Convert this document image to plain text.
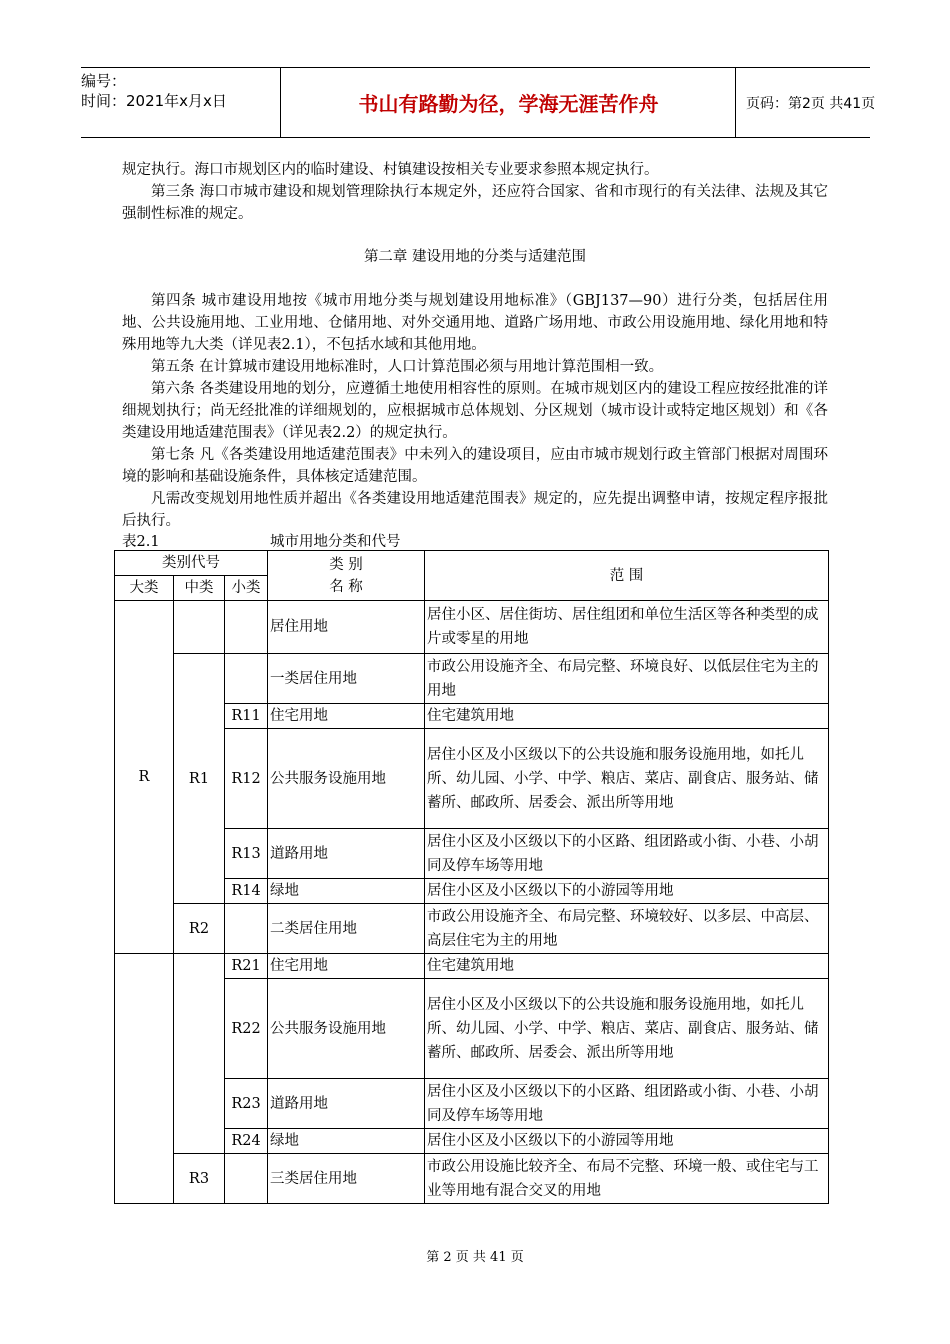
编号：
时间：2021年x月x日	书山有路勤为径，学海无涯苦作舟	页码：第2页 共41页

规定执行。海口市规划区内的临时建设、村镇建设按相关专业要求参照本规定执行。

第三条 海口市城市建设和规划管理除执行本规定外，还应符合国家、省和市现行的有关法律、法规及其它强制性标准的规定。

第二章 建设用地的分类与适建范围

第四条 城市建设用地按《城市用地分类与规划建设用地标准》（GBJ137—90）进行分类，包括居住用地、公共设施用地、工业用地、仓储用地、对外交通用地、道路广场用地、市政公用设施用地、绿化用地和特殊用地等九大类（详见表2.1），不包括水域和其他用地。

第五条 在计算城市建设用地标准时，人口计算范围必须与用地计算范围相一致。

第六条 各类建设用地的划分，应遵循土地使用相容性的原则。在城市规划区内的建设工程应按经批准的详细规划执行；尚无经批准的详细规划的，应根据城市总体规划、分区规划（城市设计或特定地区规划）和《各类建设用地适建范围表》（详见表2.2）的规定执行。

第七条 凡《各类建设用地适建范围表》中未列入的建设项目，应由市城市规划行政主管部门根据对周围环境的影响和基础设施条件，具体核定适建范围。

凡需改变规划用地性质并超出《各类建设用地适建范围表》规定的，应先提出调整申请，按规定程序报批后执行。

表2.1	城市用地分类和代号
类别代号			类 别
名 称	范 围
大类	中类	小类		
R			居住用地	居住小区、居住街坊、居住组团和单位生活区等各种类型的成片或零星的用地
	R1		一类居住用地	市政公用设施齐全、布局完整、环境良好、以低层住宅为主的用地
		R11	住宅用地	住宅建筑用地
		R12	公共服务设施用地	居住小区及小区级以下的公共设施和服务设施用地，如托儿所、幼儿园、小学、中学、粮店、菜店、副食店、服务站、储蓄所、邮政所、居委会、派出所等用地
		R13	道路用地	居住小区及小区级以下的小区路、组团路或小街、小巷、小胡同及停车场等用地
		R14	绿地	居住小区及小区级以下的小游园等用地
	R2		二类居住用地	市政公用设施齐全、布局完整、环境较好、以多层、中高层、高层住宅为主的用地
		R21	住宅用地	住宅建筑用地
		R22	公共服务设施用地	居住小区及小区级以下的公共设施和服务设施用地，如托儿所、幼儿园、小学、中学、粮店、菜店、副食店、服务站、储蓄所、邮政所、居委会、派出所等用地
		R23	道路用地	居住小区及小区级以下的小区路、组团路或小街、小巷、小胡同及停车场等用地
		R24	绿地	居住小区及小区级以下的小游园等用地
	R3		三类居住用地	市政公用设施比较齐全、布局不完整、环境一般、或住宅与工业等用地有混合交叉的用地
第 2 页 共 41 页
